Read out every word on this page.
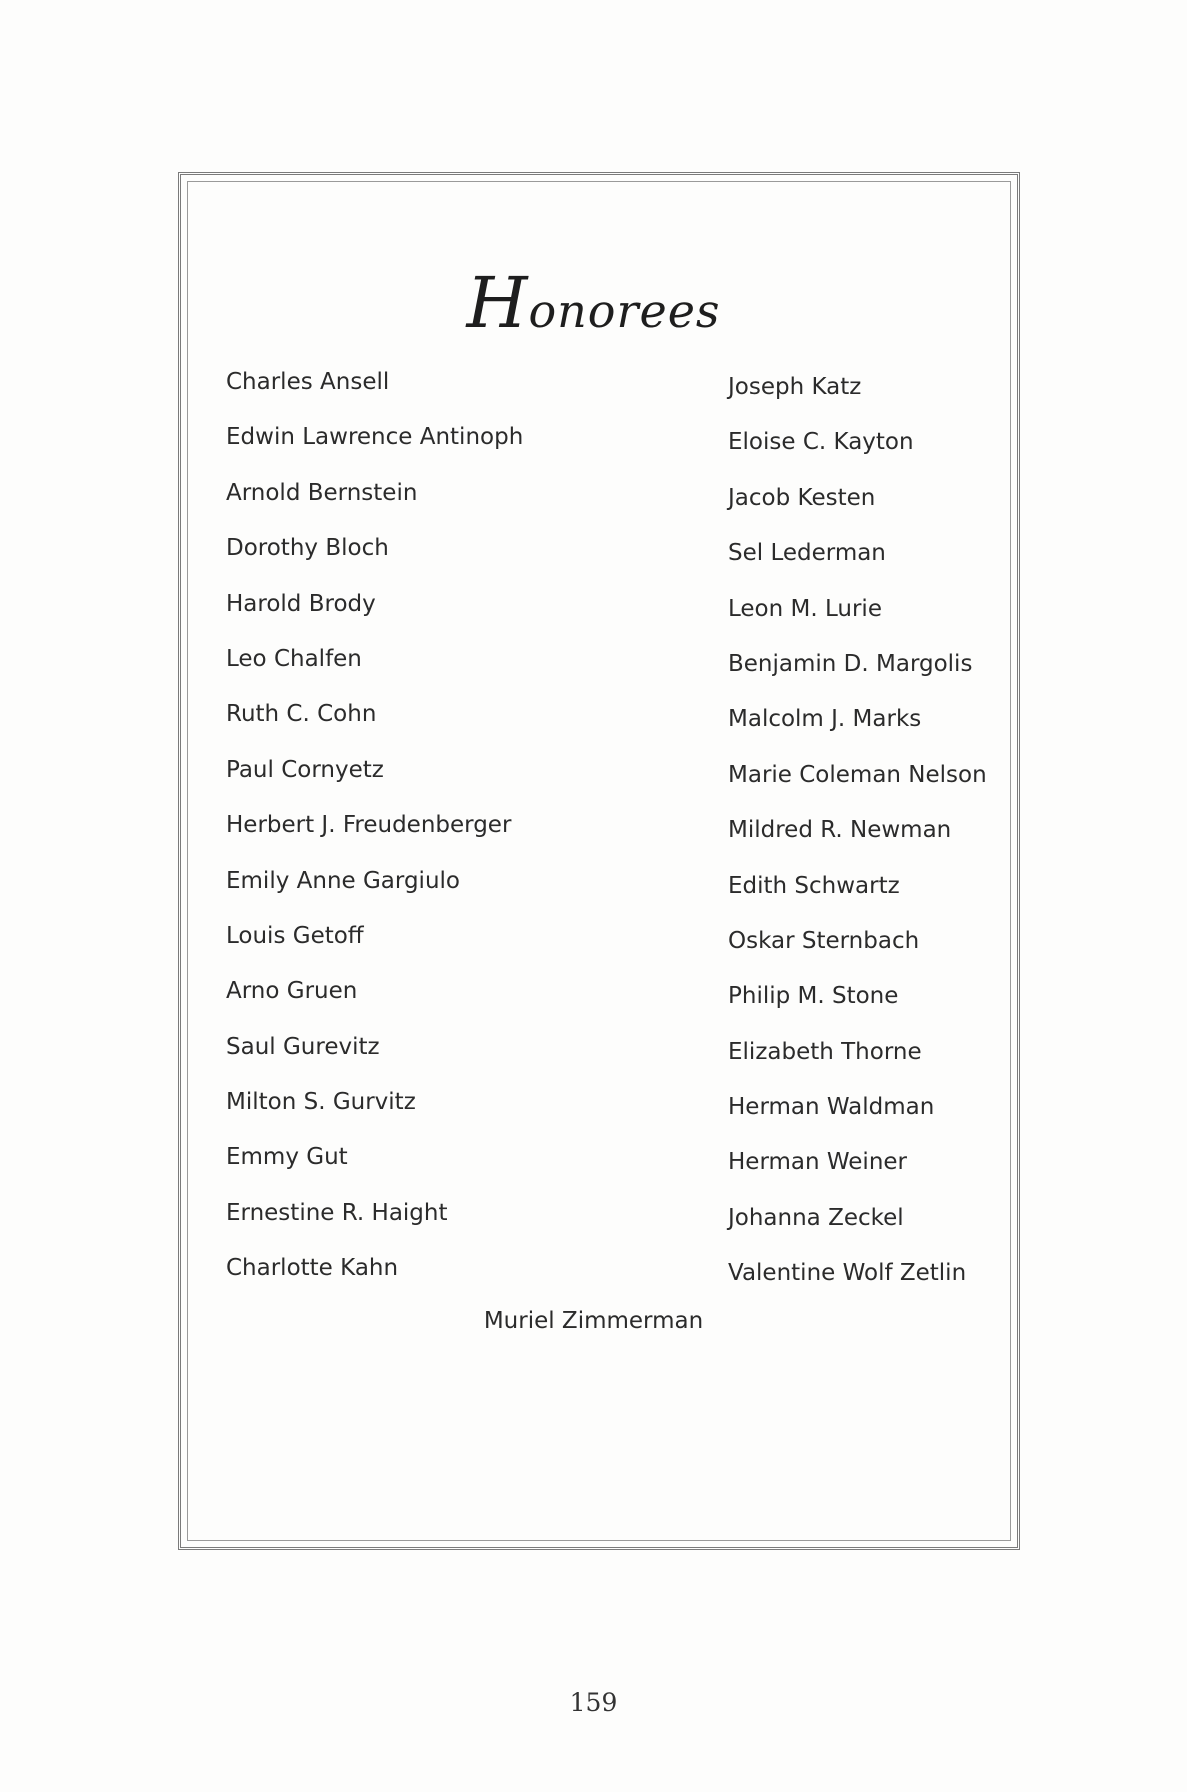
Honorees
Charles Ansell
Edwin Lawrence Antinoph
Arnold Bernstein
Dorothy Bloch
Harold Brody
Leo Chalfen
Ruth C. Cohn
Paul Cornyetz
Herbert J. Freudenberger
Emily Anne Gargiulo
Louis Getoff
Arno Gruen
Saul Gurevitz
Milton S. Gurvitz
Emmy Gut
Ernestine R. Haight
Charlotte Kahn
Joseph Katz
Eloise C. Kayton
Jacob Kesten
Sel Lederman
Leon M. Lurie
Benjamin D. Margolis
Malcolm J. Marks
Marie Coleman Nelson
Mildred R. Newman
Edith Schwartz
Oskar Sternbach
Philip M. Stone
Elizabeth Thorne
Herman Waldman
Herman Weiner
Johanna Zeckel
Valentine Wolf Zetlin
Muriel Zimmerman
159
